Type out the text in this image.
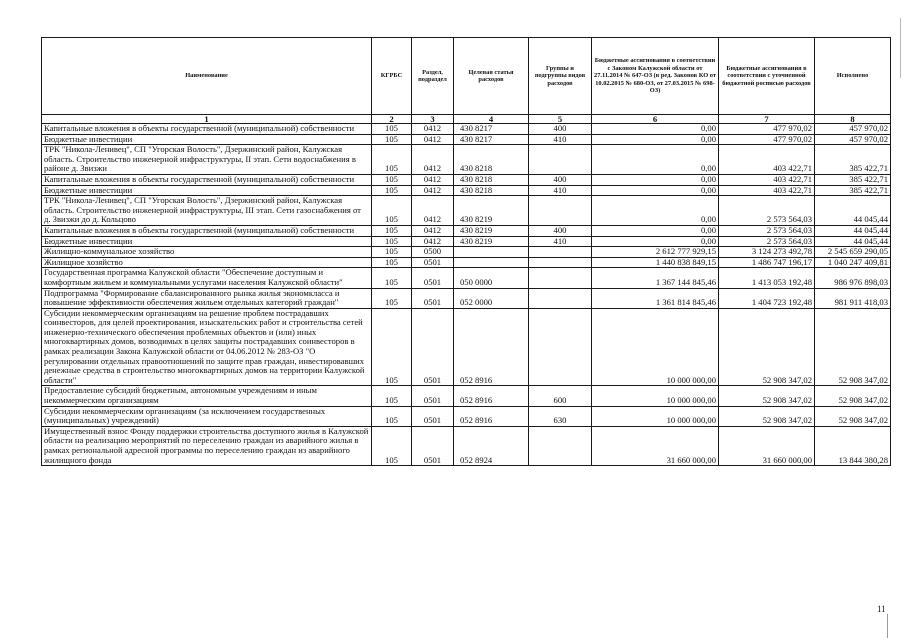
Наименование	КГРБС	Раздел, подраздел	Целевая статья расходов	Группы и подгруппы видов расходов	Бюджетные ассигнования в соответствии с Законом Калужской области от 27.11.2014 № 647-ОЗ (в ред. Законов КО от 10.02.2015 № 680-ОЗ, от 27.03.2015 № 698-ОЗ)	Бюджетные ассигнования в соответствии с уточненной бюджетной росписью расходов	Исполнено
1	2	3	4	5	6	7	8
Капитальные вложения в объекты государственной (муниципальной) собственности	105	0412	430 8217	400	0,00	477 970,02	457 970,02
Бюджетные инвестиции	105	0412	430 8217	410	0,00	477 970,02	457 970,02
ТРК "Никола-Ленивец", СП "Угорская Волость", Дзержинский район, Калужская область. Строительство инженерной инфраструктуры, II этап. Сети водоснабжения в районе д. Звизжи	105	0412	430 8218		0,00	403 422,71	385 422,71
Капитальные вложения в объекты государственной (муниципальной) собственности	105	0412	430 8218	400	0,00	403 422,71	385 422,71
Бюджетные инвестиции	105	0412	430 8218	410	0,00	403 422,71	385 422,71
ТРК "Никола-Ленивец", СП "Угорская Волость", Дзержинский район, Калужская область. Строительство инженерной инфраструктуры, III этап. Сети газоснабжения от д. Звизжи до д. Кольцово	105	0412	430 8219		0,00	2 573 564,03	44 045,44
Капитальные вложения в объекты государственной (муниципальной) собственности	105	0412	430 8219	400	0,00	2 573 564,03	44 045,44
Бюджетные инвестиции	105	0412	430 8219	410	0,00	2 573 564,03	44 045,44
Жилищно-коммунальное хозяйство	105	0500			2 612 777 929,15	3 124 273 492,78	2 545 659 290,05
Жилищное хозяйство	105	0501			1 440 838 849,15	1 486 747 196,17	1 040 247 409,81
Государственная программа Калужской области "Обеспечение доступным и комфортным жильем и коммунальными услугами населения Калужской области"	105	0501	050 0000		1 367 144 845,46	1 413 053 192,48	986 976 898,03
Подпрограмма "Формирование сбалансированного рынка жилья экономкласса и повышение эффективности обеспечения жильем отдельных категорий граждан"	105	0501	052 0000		1 361 814 845,46	1 404 723 192,48	981 911 418,03
Субсидии некоммерческим организациям на решение проблем пострадавших соинвесторов, для целей проектирования, изыскательских работ и строительства сетей инженерно-технического обеспечения проблемных объектов и (или) иных многоквартирных домов, возводимых в целях защиты пострадавших соинвесторов в рамках реализации Закона Калужской области от 04.06.2012 № 283-ОЗ "О регулировании отдельных правоотношений по защите прав граждан, инвестировавших денежные средства в строительство многоквартирных домов на территории Калужской области"	105	0501	052 8916		10 000 000,00	52 908 347,02	52 908 347,02
Предоставление субсидий бюджетным, автономным учреждениям и иным некоммерческим организациям	105	0501	052 8916	600	10 000 000,00	52 908 347,02	52 908 347,02
Субсидии некоммерческим организациям (за исключением государственных (муниципальных) учреждений)	105	0501	052 8916	630	10 000 000,00	52 908 347,02	52 908 347,02
Имущественный взнос Фонду поддержки строительства доступного жилья в Калужской области на реализацию мероприятий по переселению граждан из аварийного жилья в рамках региональной адресной программы по переселению граждан из аварийного жилищного фонда	105	0501	052 8924		31 660 000,00	31 660 000,00	13 844 380,28
11
